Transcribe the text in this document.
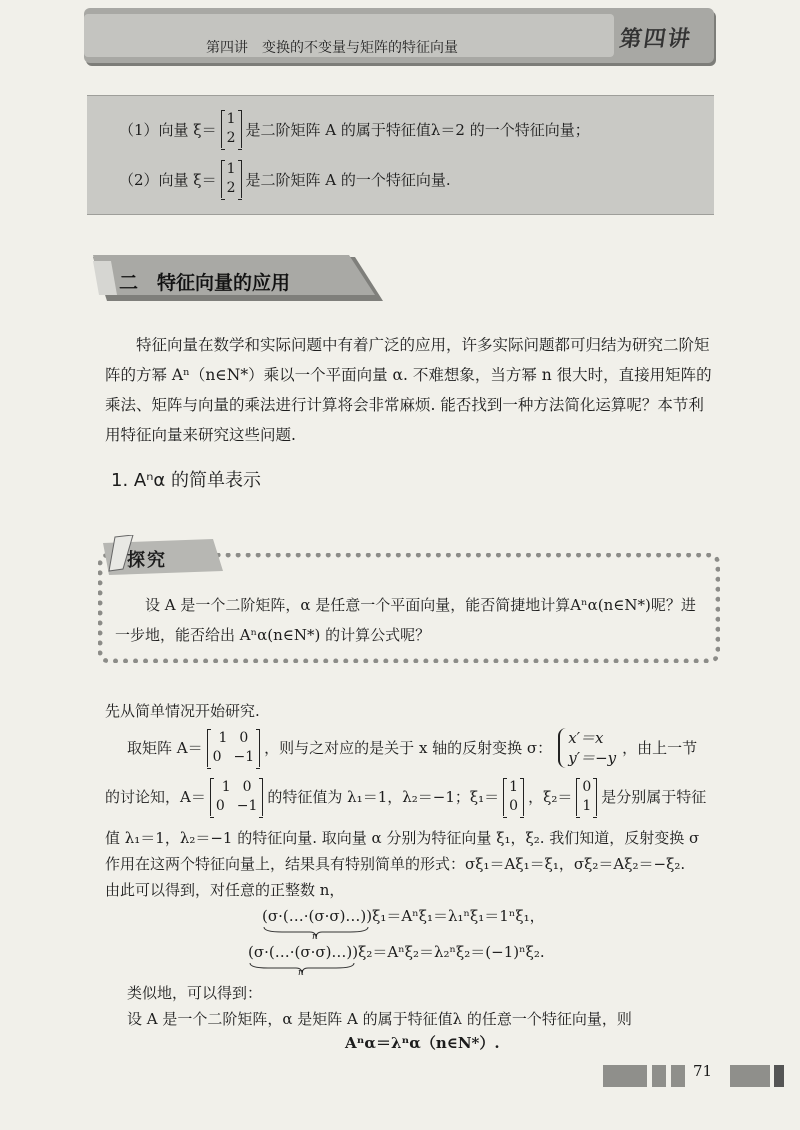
第四讲　变换的不变量与矩阵的特征向量	第四讲
（1）向量 ξ＝
1
2 是二阶矩阵 A 的属于特征值λ＝2 的一个特征向量；
（2）向量 ξ＝
1
2 是二阶矩阵 A 的一个特征向量.
二　特征向量的应用
特征向量在数学和实际问题中有着广泛的应用，许多实际问题都可归结为研究二阶矩阵的方幂 Aⁿ（n∈N*）乘以一个平面向量 α. 不难想象，当方幂 n 很大时，直接用矩阵的乘法、矩阵与向量的乘法进行计算将会非常麻烦. 能否找到一种方法简化运算呢？本节利用特征向量来研究这些问题.
1. Aⁿα 的简单表示
探究
设 A 是一个二阶矩阵，α 是任意一个平面向量，能否简捷地计算Aⁿα(n∈N*)呢？进一步地，能否给出 Aⁿα(n∈N*) 的计算公式呢？
先从简单情况开始研究.
取矩阵 A＝
1 0
0 −1 ，则与之对应的是关于 x 轴的反射变换 σ：
x′＝x
y′＝−y
，由上一节
的讨论知，A＝
1 0
0 −1 的特征值为 λ₁＝1，λ₂＝−1；ξ₁＝
1
0 ，ξ₂＝
0
1 是分别属于特征
值 λ₁＝1，λ₂＝−1 的特征向量. 取向量 α 分别为特征向量 ξ₁，ξ₂. 我们知道，反射变换 σ
作用在这两个特征向量上，结果具有特别简单的形式：σξ₁＝Aξ₁＝ξ₁，σξ₂＝Aξ₂＝−ξ₂.
由此可以得到，对任意的正整数 n，
(σ·(…·(σ·σ)…))ξ₁＝Aⁿξ₁＝λ₁ⁿξ₁＝1ⁿξ₁，
n
(σ·(…·(σ·σ)…))ξ₂＝Aⁿξ₂＝λ₂ⁿξ₂＝(−1)ⁿξ₂.
n
类似地，可以得到：
设 A 是一个二阶矩阵，α 是矩阵 A 的属于特征值λ 的任意一个特征向量，则
Aⁿα＝λⁿα（n∈N*）.
71
